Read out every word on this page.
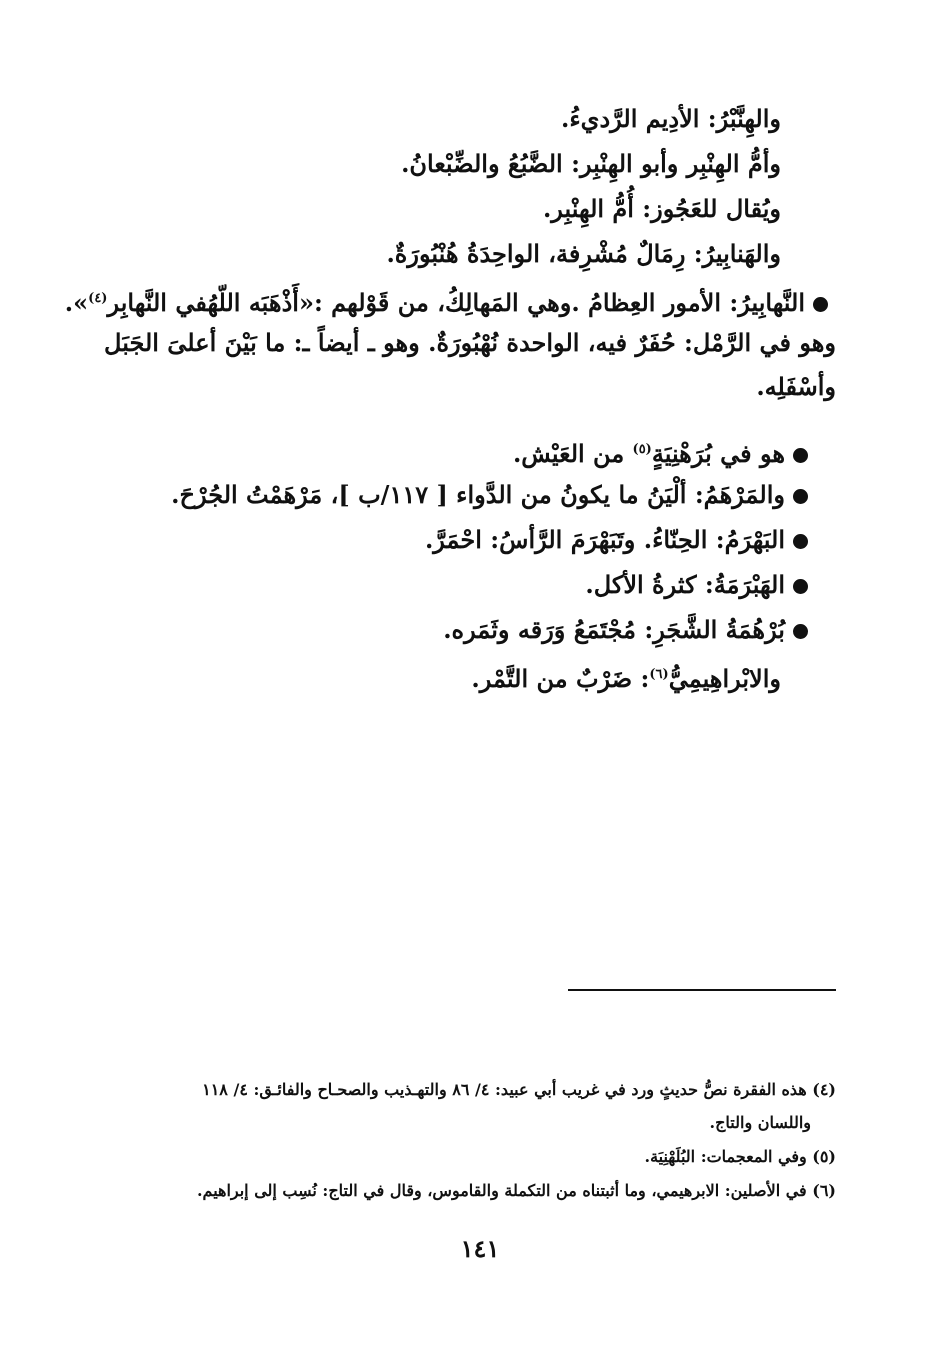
والهِنَّبْرُ: الأدِيم الرَّديءُ.
وأمُّ الهِنْبِر وأبو الهِنْبِر: الضَّبُعُ والضِّبْعانُ.
ويُقال للعَجُوز: أُمُّ الهِنْبِر.
والهَنابِيرُ: رِمَالٌ مُشْرِفة، الواحِدَةُ هُنْبُورَةٌ.
النَّهابِيرُ: الأمور العِظامُ .وهي المَهالِكُ، من قَوْلهم :«أَذْهَبَه اللّهُفي النَّهابِر$^{(٤)}$».
وهو في الرَّمْل: حُفَرٌ فيه، الواحدة نُهْبُورَةٌ. وهو ـ أيضاً ـ: ما بَيْنَ أعلىَ الجَبَل
وأسْفَلِه.
هو في بُرَهْنِيَةٍ$^{(٥)}$ من العَيْش.
والمَرْهَمُ: ألْيَنُ ما يكونُ من الدَّواء [ ١١٧/ب ]، مَرْهَمْتُ الجُرْحَ.
البَهْرَمُ: الحِنّاءُ. وتَبَهْرَمَ الرَّأسُ: احْمَرَّ.
الهَبْرَمَةُ: كثرةُ الأكل.
بُرْهُمَةُ الشَّجَرِ: مُجْتَمَعُ وَرَقه وثَمَره.
والابْراهِيمِيُّ$^{(٦)}$: ضَرْبٌ من التَّمْر.
(٤) هذه الفقرة نصُّ حديثٍ ورد في غريب أبي عبيد: ٤/ ٨٦ والتهـذيب والصحـاح والفائـق: ٤/ ١١٨
واللسان والتاج.
(٥) وفي المعجمات: البُلَهْنِيَة.
(٦) في الأصلين: الابرهيمي، وما أثبتناه من التكملة والقاموس، وقال في التاج: نُسِب إلى إبراهيم.
١٤١
